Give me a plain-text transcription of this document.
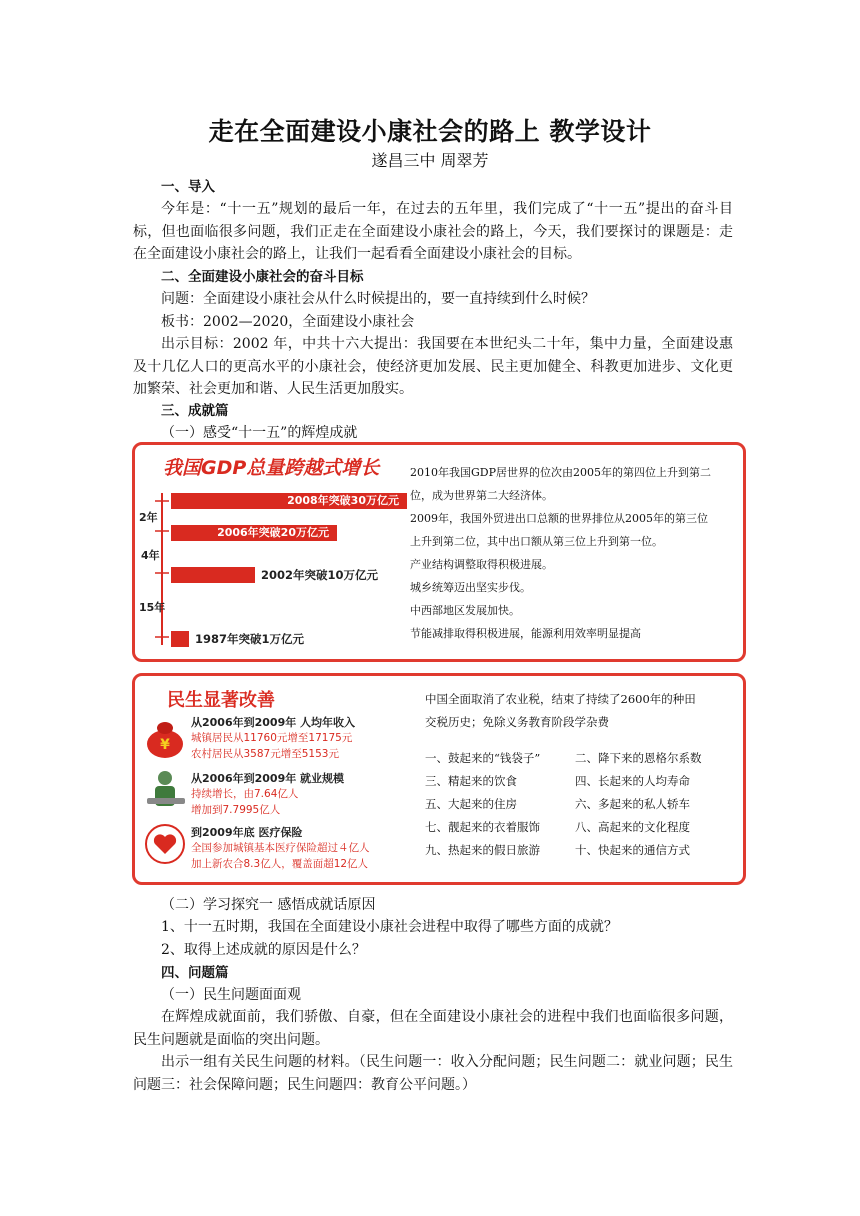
走在全面建设小康社会的路上 教学设计
遂昌三中 周翠芳
一、导入
今年是：“十一五”规划的最后一年，在过去的五年里，我们完成了“十一五”提出的奋斗目标，但也面临很多问题，我们正走在全面建设小康社会的路上，今天，我们要探讨的课题是：走在全面建设小康社会的路上，让我们一起看看全面建设小康社会的目标。
二、全面建设小康社会的奋斗目标
问题：全面建设小康社会从什么时候提出的，要一直持续到什么时候？
板书：2002—2020，全面建设小康社会
出示目标：2002 年，中共十六大提出：我国要在本世纪头二十年，集中力量，全面建设惠及十几亿人口的更高水平的小康社会，使经济更加发展、民主更加健全、科教更加进步、文化更加繁荣、社会更加和谐、人民生活更加殷实。
三、成就篇
（一）感受“十一五”的辉煌成就
我国GDP总量跨越式增长
2年
4年
15年
2008年突破30万亿元
2006年突破20万亿元
2002年突破10万亿元
1987年突破1万亿元
2010年我国GDP居世界的位次由2005年的第四位上升到第二
位，成为世界第二大经济体。
2009年，我国外贸进出口总额的世界排位从2005年的第三位
上升到第二位，其中出口额从第三位上升到第一位。
产业结构调整取得积极进展。
城乡统筹迈出坚实步伐。
中西部地区发展加快。
节能减排取得积极进展，能源利用效率明显提高
民生显著改善
¥
从2006年到2009年 人均年收入
城镇居民从11760元增至17175元
农村居民从3587元增至5153元
从2006年到2009年 就业规模
持续增长，由7.64亿人
增加到7.7995亿人
到2009年底 医疗保险
全国参加城镇基本医疗保险超过４亿人
加上新农合8.3亿人，覆盖面超12亿人
中国全面取消了农业税，结束了持续了2600年的种田
交税历史；免除义务教育阶段学杂费
一、鼓起来的“钱袋子”	二、降下来的恩格尔系数
三、精起来的饮食	四、长起来的人均寿命
五、大起来的住房	六、多起来的私人轿车
七、靓起来的衣着服饰	八、高起来的文化程度
九、热起来的假日旅游	十、快起来的通信方式
（二）学习探究一 感悟成就话原因
1、十一五时期，我国在全面建设小康社会进程中取得了哪些方面的成就？
2、取得上述成就的原因是什么？
四、问题篇
（一）民生问题面面观
在辉煌成就面前，我们骄傲、自豪，但在全面建设小康社会的进程中我们也面临很多问题，民生问题就是面临的突出问题。
出示一组有关民生问题的材料。（民生问题一：收入分配问题；民生问题二：就业问题；民生问题三：社会保障问题；民生问题四：教育公平问题。）
